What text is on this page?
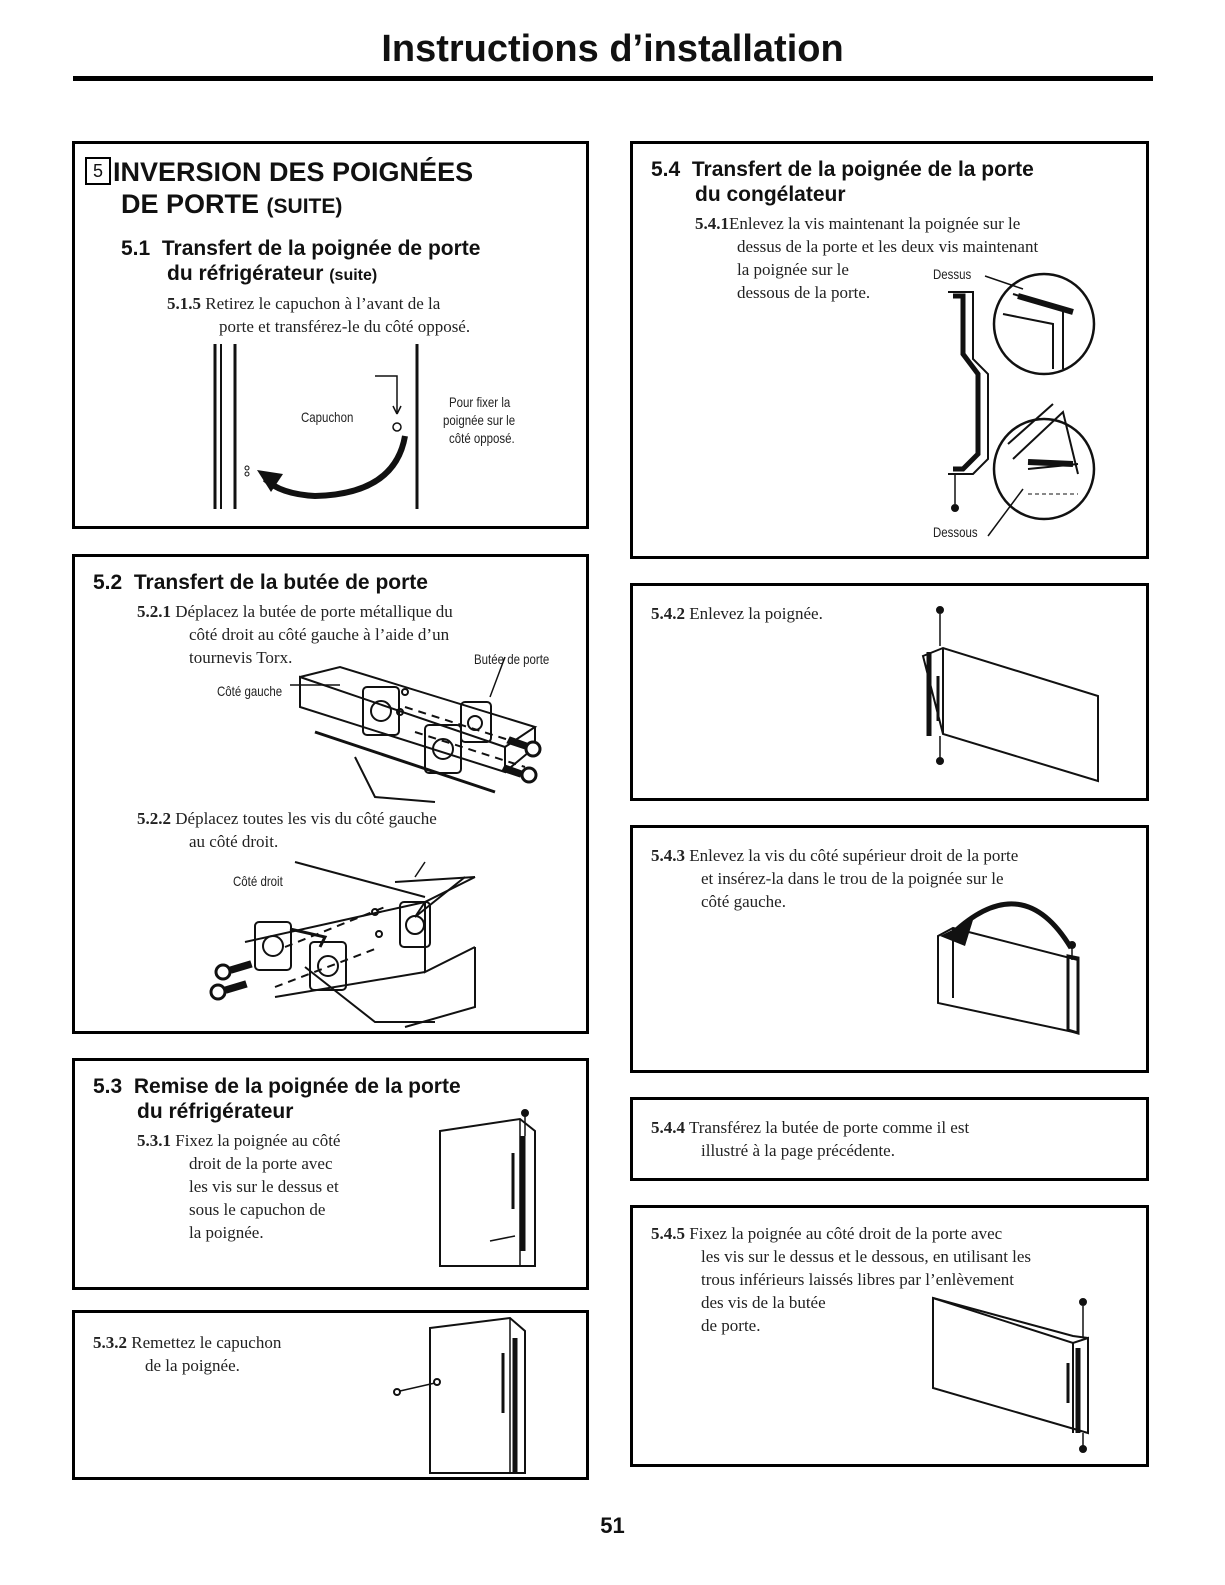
Instructions d’installation
5 INVERSION DES POIGNÉES
DE PORTE (SUITE)
5.1 Transfert de la poignée de porte
du réfrigérateur (suite)
5.1.5 Retirez le capuchon à l’avant de la
porte et transférez-le du côté opposé.
Capuchon
Pour fixer la
poignée sur le
côté opposé.
5.2 Transfert de la butée de porte
5.2.1 Déplacez la butée de porte métallique du
côté droit au côté gauche à l’aide d’un
tournevis Torx.	Butée de porte
Côté gauche
5.2.2 Déplacez toutes les vis du côté gauche
au côté droit.
Côté droit
5.3 Remise de la poignée de la porte
du réfrigérateur
5.3.1 Fixez la poignée au côté
droit de la porte avec
les vis sur le dessus et
sous le capuchon de
la poignée.
5.3.2 Remettez le capuchon
de la poignée.
5.4 Transfert de la poignée de la porte
du congélateur
5.4.1Enlevez la vis maintenant la poignée sur le
dessus de la porte et les deux vis maintenant
la poignée sur le
dessous de la porte.
Dessus
Dessous
5.4.2 Enlevez la poignée.
5.4.3 Enlevez la vis du côté supérieur droit de la porte
et insérez-la dans le trou de la poignée sur le
côté gauche.
5.4.4 Transférez la butée de porte comme il est
illustré à la page précédente.
5.4.5 Fixez la poignée au côté droit de la porte avec
les vis sur le dessus et le dessous, en utilisant les
trous inférieurs laissés libres par l’enlèvement
des vis de la butée
de porte.
51
